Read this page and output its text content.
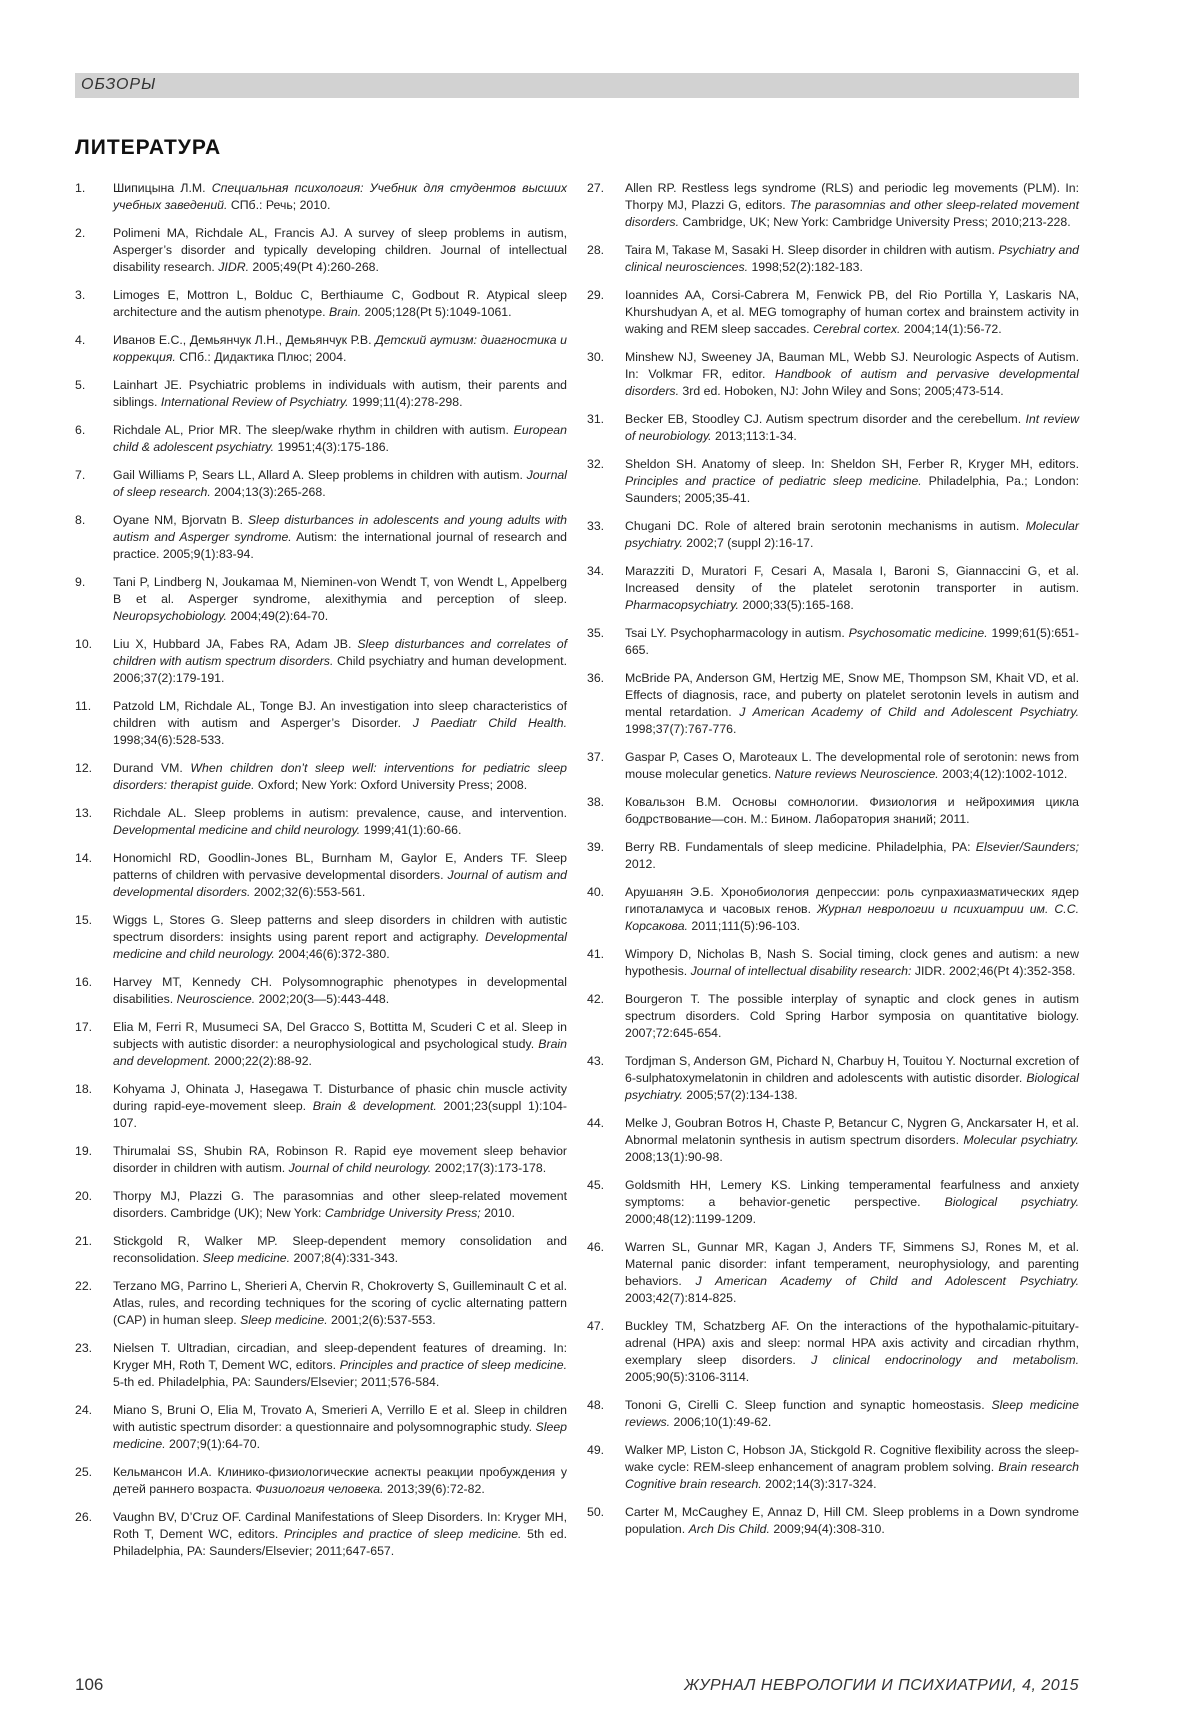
ОБЗОРЫ
ЛИТЕРАТУРА
1.	Шипицына Л.М. Специальная психология: Учебник для студентов высших учебных заведений. СПб.: Речь; 2010.
2.	Polimeni MA, Richdale AL, Francis AJ. A survey of sleep problems in autism, Asperger’s disorder and typically developing children. Journal of intellectual disability research. JIDR. 2005;49(Pt 4):260-268.
3.	Limoges E, Mottron L, Bolduc C, Berthiaume C, Godbout R. Atypical sleep architecture and the autism phenotype. Brain. 2005;128(Pt 5):1049-1061.
4.	Иванов Е.С., Демьянчук Л.Н., Демьянчук Р.В. Детский аутизм: диагностика и коррекция. СПб.: Дидактика Плюс; 2004.
5.	Lainhart JE. Psychiatric problems in individuals with autism, their parents and siblings. International Review of Psychiatry. 1999;11(4):278-298.
6.	Richdale AL, Prior MR. The sleep/wake rhythm in children with autism. European child & adolescent psychiatry. 19951;4(3):175-186.
7.	Gail Williams P, Sears LL, Allard A. Sleep problems in children with autism. Journal of sleep research. 2004;13(3):265-268.
8.	Oyane NM, Bjorvatn B. Sleep disturbances in adolescents and young adults with autism and Asperger syndrome. Autism: the international journal of research and practice. 2005;9(1):83-94.
9.	Tani P, Lindberg N, Joukamaa M, Nieminen-von Wendt T, von Wendt L, Appelberg B et al. Asperger syndrome, alexithymia and perception of sleep. Neuropsychobiology. 2004;49(2):64-70.
10.	Liu X, Hubbard JA, Fabes RA, Adam JB. Sleep disturbances and correlates of children with autism spectrum disorders. Child psychiatry and human development. 2006;37(2):179-191.
11.	Patzold LM, Richdale AL, Tonge BJ. An investigation into sleep characteristics of children with autism and Asperger’s Disorder. J Paediatr Child Health. 1998;34(6):528-533.
12.	Durand VM. When children don’t sleep well: interventions for pediatric sleep disorders: therapist guide. Oxford; New York: Oxford University Press; 2008.
13.	Richdale AL. Sleep problems in autism: prevalence, cause, and intervention. Developmental medicine and child neurology. 1999;41(1):60-66.
14.	Honomichl RD, Goodlin-Jones BL, Burnham M, Gaylor E, Anders TF. Sleep patterns of children with pervasive developmental disorders. Journal of autism and developmental disorders. 2002;32(6):553-561.
15.	Wiggs L, Stores G. Sleep patterns and sleep disorders in children with autistic spectrum disorders: insights using parent report and actigraphy. Developmental medicine and child neurology. 2004;46(6):372-380.
16.	Harvey MT, Kennedy CH. Polysomnographic phenotypes in developmental disabilities. Neuroscience. 2002;20(3—5):443-448.
17.	Elia M, Ferri R, Musumeci SA, Del Gracco S, Bottitta M, Scuderi C et al. Sleep in subjects with autistic disorder: a neurophysiological and psychological study. Brain and development. 2000;22(2):88-92.
18.	Kohyama J, Ohinata J, Hasegawa T. Disturbance of phasic chin muscle activity during rapid-eye-movement sleep. Brain & development. 2001;23(suppl 1):104-107.
19.	Thirumalai SS, Shubin RA, Robinson R. Rapid eye movement sleep behavior disorder in children with autism. Journal of child neurology. 2002;17(3):173-178.
20.	Thorpy MJ, Plazzi G. The parasomnias and other sleep-related movement disorders. Cambridge (UK); New York: Cambridge University Press; 2010.
21.	Stickgold R, Walker MP. Sleep-dependent memory consolidation and reconsolidation. Sleep medicine. 2007;8(4):331-343.
22.	Terzano MG, Parrino L, Sherieri A, Chervin R, Chokroverty S, Guilleminault C et al. Atlas, rules, and recording techniques for the scoring of cyclic alternating pattern (CAP) in human sleep. Sleep medicine. 2001;2(6):537-553.
23.	Nielsen T. Ultradian, circadian, and sleep-dependent features of dreaming. In: Kryger MH, Roth T, Dement WC, editors. Principles and practice of sleep medicine. 5-th ed. Philadelphia, PA: Saunders/Elsevier; 2011;576-584.
24.	Miano S, Bruni O, Elia M, Trovato A, Smerieri A, Verrillo E et al. Sleep in children with autistic spectrum disorder: a questionnaire and polysomnographic study. Sleep medicine. 2007;9(1):64-70.
25.	Кельмансон И.А. Клинико-физиологические аспекты реакции пробуждения у детей раннего возраста. Физиология человека. 2013;39(6):72-82.
26.	Vaughn BV, D’Cruz OF. Cardinal Manifestations of Sleep Disorders. In: Kryger MH, Roth T, Dement WC, editors. Principles and practice of sleep medicine. 5th ed. Philadelphia, PA: Saunders/Elsevier; 2011;647-657.
27.	Allen RP. Restless legs syndrome (RLS) and periodic leg movements (PLM). In: Thorpy MJ, Plazzi G, editors. The parasomnias and other sleep-related movement disorders. Cambridge, UK; New York: Cambridge University Press; 2010;213-228.
28.	Taira M, Takase M, Sasaki H. Sleep disorder in children with autism. Psychiatry and clinical neurosciences. 1998;52(2):182-183.
29.	Ioannides AA, Corsi-Cabrera M, Fenwick PB, del Rio Portilla Y, Laskaris NA, Khurshudyan A, et al. MEG tomography of human cortex and brainstem activity in waking and REM sleep saccades. Cerebral cortex. 2004;14(1):56-72.
30.	Minshew NJ, Sweeney JA, Bauman ML, Webb SJ. Neurologic Aspects of Autism. In: Volkmar FR, editor. Handbook of autism and pervasive developmental disorders. 3rd ed. Hoboken, NJ: John Wiley and Sons; 2005;473-514.
31.	Becker EB, Stoodley CJ. Autism spectrum disorder and the cerebellum. Int review of neurobiology. 2013;113:1-34.
32.	Sheldon SH. Anatomy of sleep. In: Sheldon SH, Ferber R, Kryger MH, editors. Principles and practice of pediatric sleep medicine. Philadelphia, Pa.; London: Saunders; 2005;35-41.
33.	Chugani DC. Role of altered brain serotonin mechanisms in autism. Molecular psychiatry. 2002;7 (suppl 2):16-17.
34.	Marazziti D, Muratori F, Cesari A, Masala I, Baroni S, Giannaccini G, et al. Increased density of the platelet serotonin transporter in autism. Pharmacopsychiatry. 2000;33(5):165-168.
35.	Tsai LY. Psychopharmacology in autism. Psychosomatic medicine. 1999;61(5):651-665.
36.	McBride PA, Anderson GM, Hertzig ME, Snow ME, Thompson SM, Khait VD, et al. Effects of diagnosis, race, and puberty on platelet serotonin levels in autism and mental retardation. J American Academy of Child and Adolescent Psychiatry. 1998;37(7):767-776.
37.	Gaspar P, Cases O, Maroteaux L. The developmental role of serotonin: news from mouse molecular genetics. Nature reviews Neuroscience. 2003;4(12):1002-1012.
38.	Ковальзон В.М. Основы сомнологии. Физиология и нейрохимия цикла бодрствование—сон. М.: Бином. Лаборатория знаний; 2011.
39.	Berry RB. Fundamentals of sleep medicine. Philadelphia, PA: Elsevier/Saunders; 2012.
40.	Арушанян Э.Б. Хронобиология депрессии: роль супрахиазматических ядер гипоталамуса и часовых генов. Журнал неврологии и психиатрии им. С.С. Корсакова. 2011;111(5):96-103.
41.	Wimpory D, Nicholas B, Nash S. Social timing, clock genes and autism: a new hypothesis. Journal of intellectual disability research: JIDR. 2002;46(Pt 4):352-358.
42.	Bourgeron T. The possible interplay of synaptic and clock genes in autism spectrum disorders. Cold Spring Harbor symposia on quantitative biology. 2007;72:645-654.
43.	Tordjman S, Anderson GM, Pichard N, Charbuy H, Touitou Y. Nocturnal excretion of 6-sulphatoxymelatonin in children and adolescents with autistic disorder. Biological psychiatry. 2005;57(2):134-138.
44.	Melke J, Goubran Botros H, Chaste P, Betancur C, Nygren G, Anckarsater H, et al. Abnormal melatonin synthesis in autism spectrum disorders. Molecular psychiatry. 2008;13(1):90-98.
45.	Goldsmith HH, Lemery KS. Linking temperamental fearfulness and anxiety symptoms: a behavior-genetic perspective. Biological psychiatry. 2000;48(12):1199-1209.
46.	Warren SL, Gunnar MR, Kagan J, Anders TF, Simmens SJ, Rones M, et al. Maternal panic disorder: infant temperament, neurophysiology, and parenting behaviors. J American Academy of Child and Adolescent Psychiatry. 2003;42(7):814-825.
47.	Buckley TM, Schatzberg AF. On the interactions of the hypothalamic-pituitary-adrenal (HPA) axis and sleep: normal HPA axis activity and circadian rhythm, exemplary sleep disorders. J clinical endocrinology and metabolism. 2005;90(5):3106-3114.
48.	Tononi G, Cirelli C. Sleep function and synaptic homeostasis. Sleep medicine reviews. 2006;10(1):49-62.
49.	Walker MP, Liston C, Hobson JA, Stickgold R. Cognitive flexibility across the sleep-wake cycle: REM-sleep enhancement of anagram problem solving. Brain research Cognitive brain research. 2002;14(3):317-324.
50.	Carter M, McCaughey E, Annaz D, Hill CM. Sleep problems in a Down syndrome population. Arch Dis Child. 2009;94(4):308-310.
106	ЖУРНАЛ НЕВРОЛОГИИ И ПСИХИАТРИИ, 4, 2015
